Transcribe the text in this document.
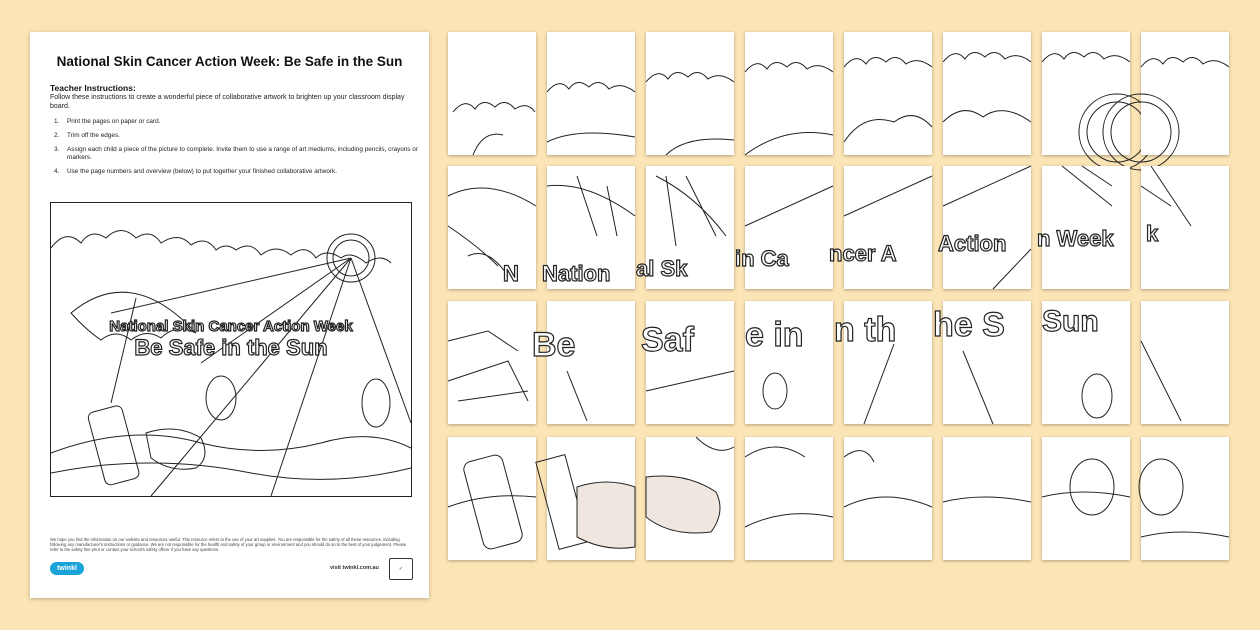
National Skin Cancer Action Week: Be Safe in the Sun
Teacher Instructions:
Follow these instructions to create a wonderful piece of collaborative artwork to brighten up your classroom display board.
1. Print the pages on paper or card.
2. Trim off the edges.
3. Assign each child a piece of the picture to complete. Invite them to use a range of art mediums, including pencils, crayons or markers.
4. Use the page numbers and overview (below) to put together your finished collaborative artwork.
National Skin Cancer Action Week
Be Safe in the Sun
We hope you find the information on our website and resources useful. This resource refers to the use of your art supplies. You are responsible for the safety of all these resources, including following any manufacturer's instructions or guidance. We are not responsible for the health and safety of your group or environment and you should do so to the best of your judgement. Please refer to the safety fine print or contact your school's safety officer if you have any questions.
twinkl	visit twinkl.com.au	✓
N Nation al Sk in Ca ncer A Action n Week k
Be Saf e in n th he S Sun
